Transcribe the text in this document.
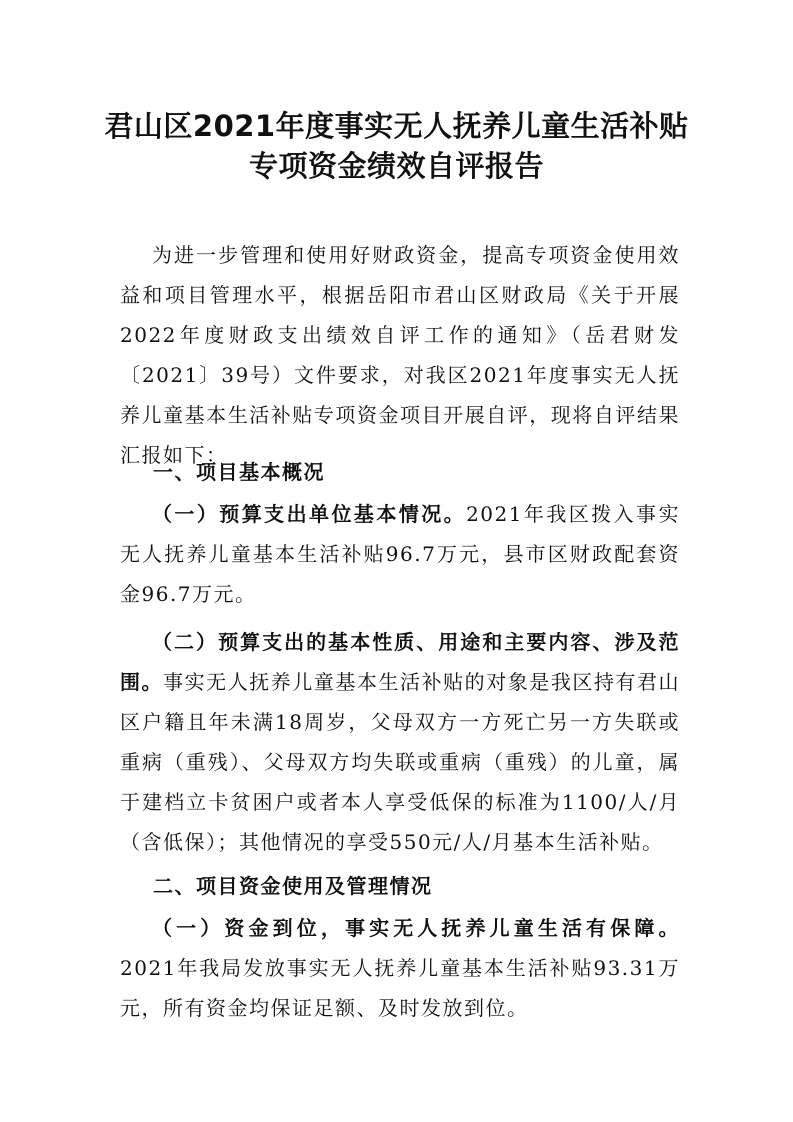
君山区2021年度事实无人抚养儿童生活补贴
专项资金绩效自评报告

为进一步管理和使用好财政资金，提高专项资金使用效益和项目管理水平，根据岳阳市君山区财政局《关于开展2022年度财政支出绩效自评工作的通知》（岳君财发〔2021〕39号）文件要求，对我区2021年度事实无人抚养儿童基本生活补贴专项资金项目开展自评，现将自评结果汇报如下：

一、项目基本概况

（一）预算支出单位基本情况。2021年我区拨入事实无人抚养儿童基本生活补贴96.7万元，县市区财政配套资金96.7万元。

（二）预算支出的基本性质、用途和主要内容、涉及范围。事实无人抚养儿童基本生活补贴的对象是我区持有君山区户籍且年未满18周岁，父母双方一方死亡另一方失联或重病（重残）、父母双方均失联或重病（重残）的儿童，属于建档立卡贫困户或者本人享受低保的标准为1100/人/月（含低保）；其他情况的享受550元/人/月基本生活补贴。

二、项目资金使用及管理情况

（一）资金到位，事实无人抚养儿童生活有保障。2021年我局发放事实无人抚养儿童基本生活补贴93.31万元，所有资金均保证足额、及时发放到位。
